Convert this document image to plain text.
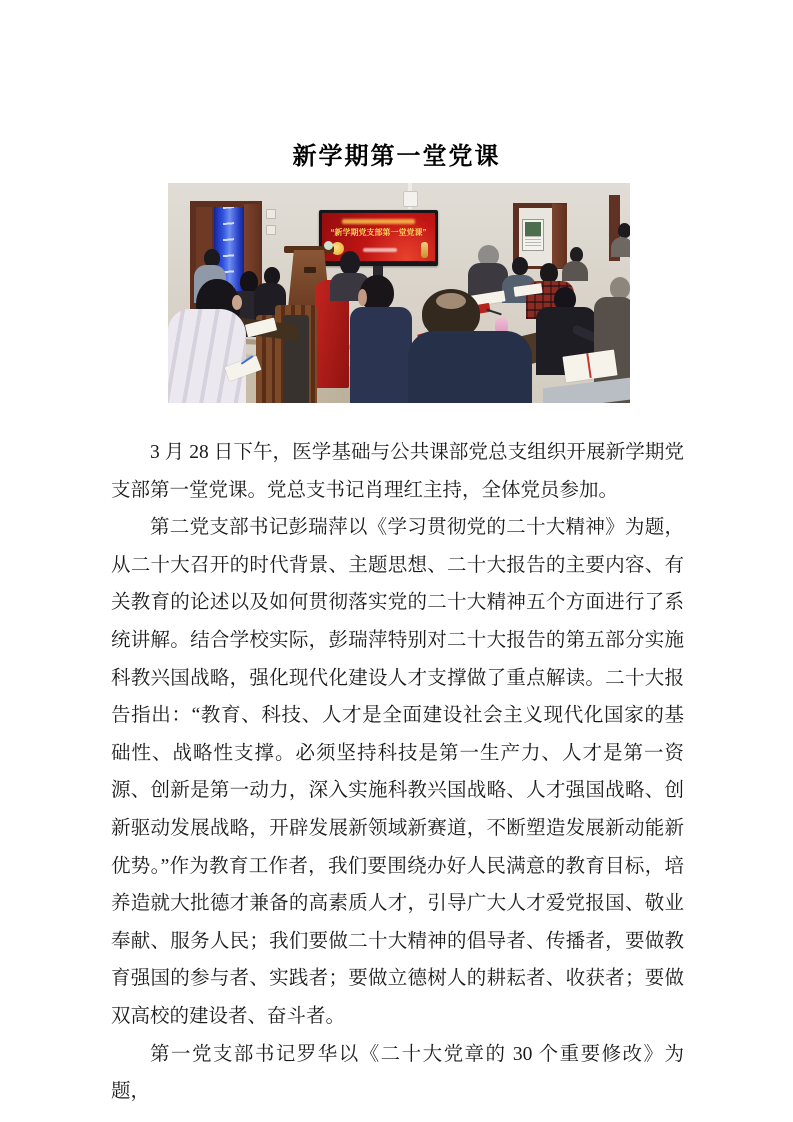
新学期第一堂党课
“新学期党支部第一堂党课”

3 月 28 日下午，医学基础与公共课部党总支组织开展新学期党支部第一堂党课。党总支书记肖理红主持，全体党员参加。

第二党支部书记彭瑞萍以《学习贯彻党的二十大精神》为题，从二十大召开的时代背景、主题思想、二十大报告的主要内容、有关教育的论述以及如何贯彻落实党的二十大精神五个方面进行了系统讲解。结合学校实际，彭瑞萍特别对二十大报告的第五部分实施科教兴国战略，强化现代化建设人才支撑做了重点解读。二十大报告指出：“教育、科技、人才是全面建设社会主义现代化国家的基础性、战略性支撑。必须坚持科技是第一生产力、人才是第一资源、创新是第一动力，深入实施科教兴国战略、人才强国战略、创新驱动发展战略，开辟发展新领域新赛道，不断塑造发展新动能新优势。”作为教育工作者，我们要围绕办好人民满意的教育目标，培养造就大批德才兼备的高素质人才，引导广大人才爱党报国、敬业奉献、服务人民；我们要做二十大精神的倡导者、传播者，要做教育强国的参与者、实践者；要做立德树人的耕耘者、收获者；要做双高校的建设者、奋斗者。

第一党支部书记罗华以《二十大党章的 30 个重要修改》为题，
